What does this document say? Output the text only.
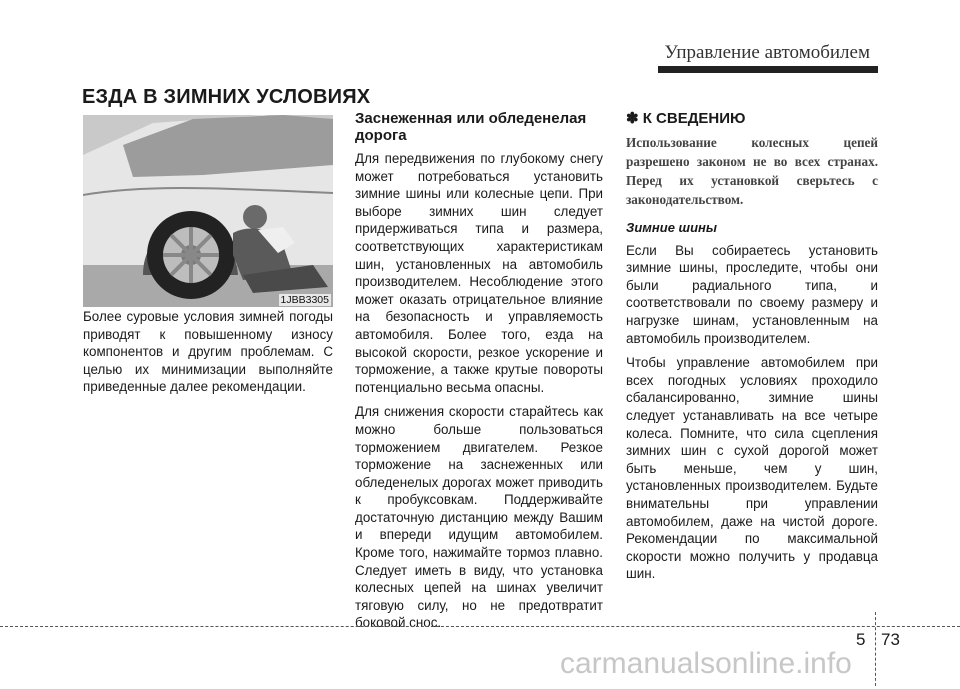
Управление автомобилем
ЕЗДА В ЗИМНИХ УСЛОВИЯХ
1JBB3305

Более суровые условия зимней погоды приводят к повышенному износу компонентов и другим проблемам. С целью их минимизации выполняйте приведенные далее рекомендации.

Заснеженная или обледенелая дорога

Для передвижения по глубокому снегу может потребоваться установить зимние шины или колесные цепи. При выборе зимних шин следует придерживаться типа и размера, соответствующих характеристикам шин, установленных на автомобиль производителем. Несоблюдение этого может оказать отрицательное влияние на безопасность и управляемость автомобиля. Более того, езда на высокой скорости, резкое ускорение и торможение, а также крутые повороты потенциально весьма опасны.

Для снижения скорости старайтесь как можно больше пользоваться торможением двигателем. Резкое торможение на заснеженных или обледенелых дорогах может приводить к пробуксовкам. Поддерживайте достаточную дистанцию между Вашим и впереди идущим автомобилем. Кроме того, нажимайте тормоз плавно. Следует иметь в виду, что установка колесных цепей на шинах увеличит тяговую силу, но не предотвратит боковой снос.

✽ К СВЕДЕНИЮ
Использование колесных цепей разрешено законом не во всех странах. Перед их установкой сверьтесь с законодательством.
Зимние шины

Если Вы собираетесь установить зимние шины, проследите, чтобы они были радиального типа, и соответствовали по своему размеру и нагрузке шинам, установленным на автомобиль производителем.

Чтобы управление автомобилем при всех погодных условиях проходило сбалансированно, зимние шины следует устанавливать на все четыре колеса. Помните, что сила сцепления зимних шин с сухой дорогой может быть меньше, чем у шин, установленных производителем. Будьте внимательны при управлении автомобилем, даже на чистой дороге. Рекомендации по максимальной скорости можно получить у продавца шин.

5 73
carmanualsonline.info
